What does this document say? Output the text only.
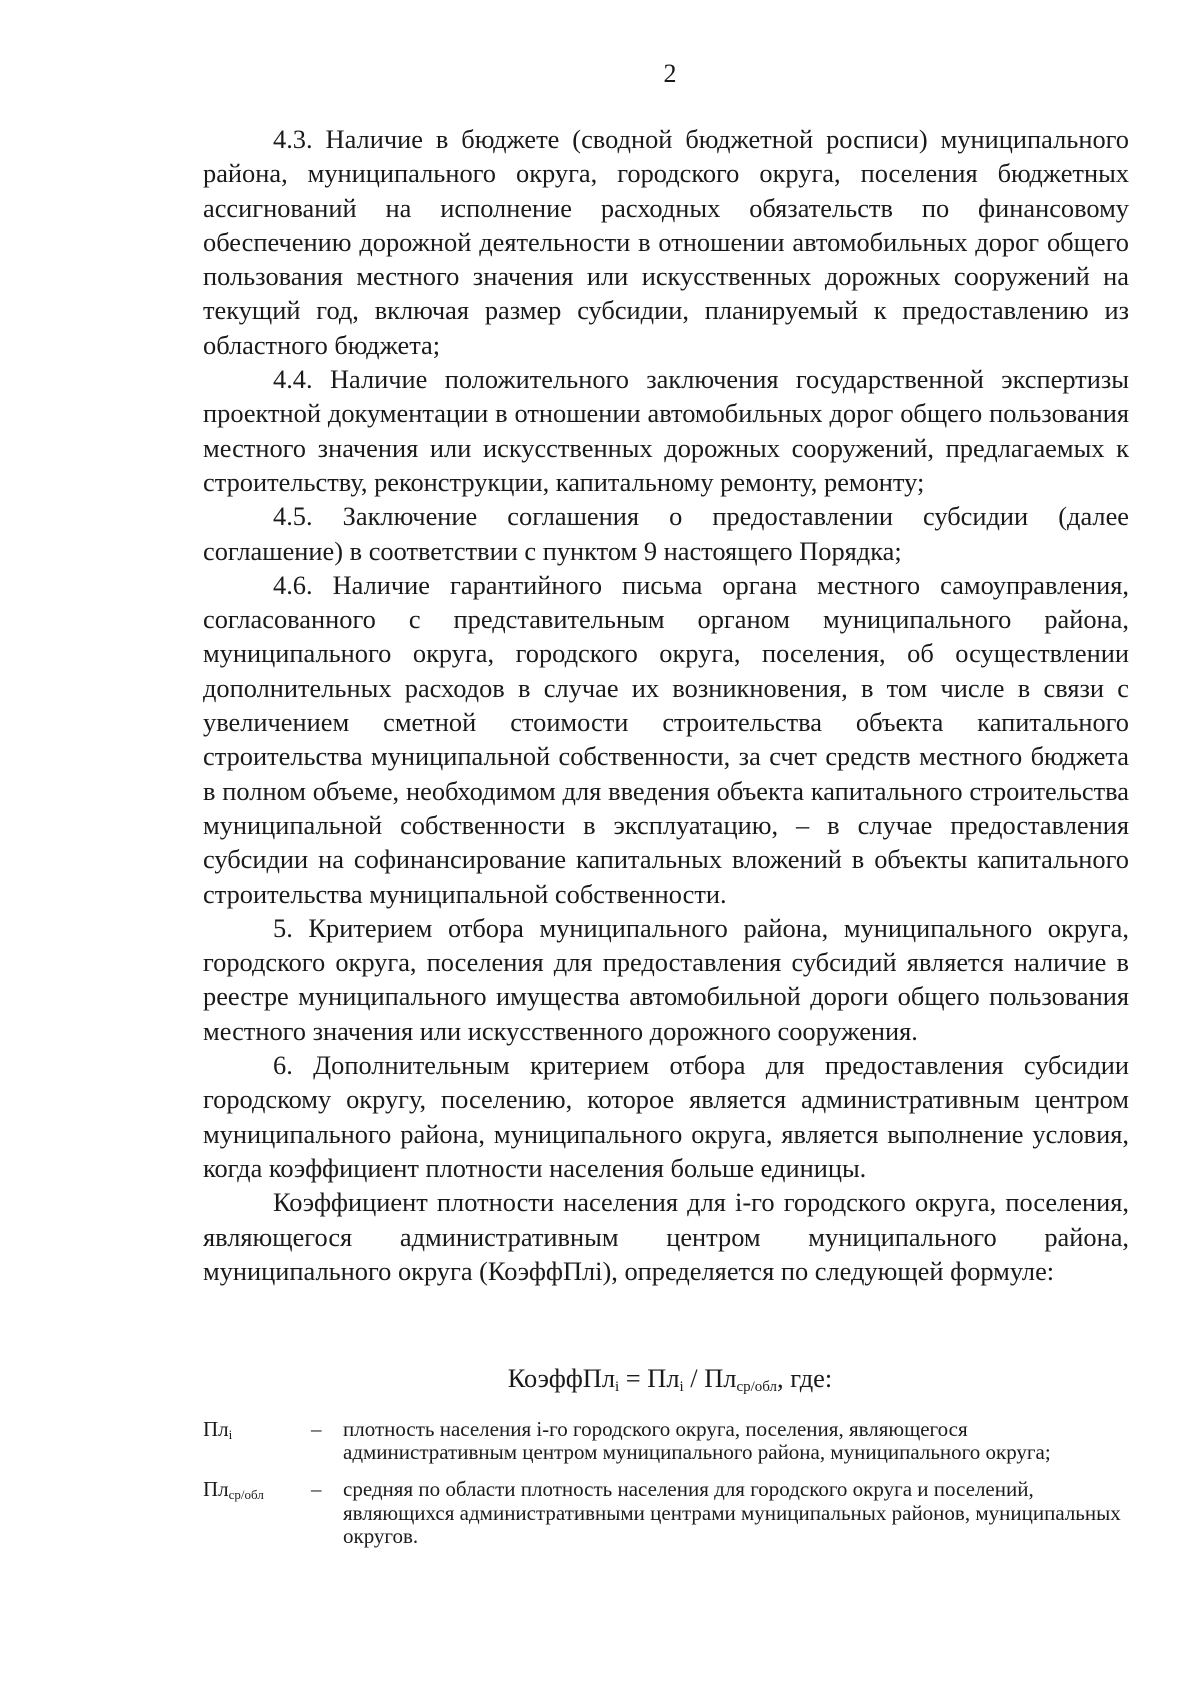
2

4.3. Наличие в бюджете (сводной бюджетной росписи) муниципального района, муниципального округа, городского округа, поселения бюджетных ассигнований на исполнение расходных обязательств по финансовому обеспечению дорожной деятельности в отношении автомобильных дорог общего пользования местного значения или искусственных дорожных сооружений на текущий год, включая размер субсидии, планируемый к предоставлению из областного бюджета;

4.4. Наличие положительного заключения государственной экспертизы проектной документации в отношении автомобильных дорог общего пользования местного значения или искусственных дорожных сооружений, предлагаемых к строительству, реконструкции, капитальному ремонту, ремонту;

4.5. Заключение соглашения о предоставлении субсидии (далее соглашение) в соответствии с пунктом 9 настоящего Порядка;

4.6. Наличие гарантийного письма органа местного самоуправления, согласованного с представительным органом муниципального района, муниципального округа, городского округа, поселения, об осуществлении дополнительных расходов в случае их возникновения, в том числе в связи с увеличением сметной стоимости строительства объекта капитального строительства муниципальной собственности, за счет средств местного бюджета в полном объеме, необходимом для введения объекта капитального строительства муниципальной собственности в эксплуатацию, – в случае предоставления субсидии на софинансирование капитальных вложений в объекты капитального строительства муниципальной собственности.

5. Критерием отбора муниципального района, муниципального округа, городского округа, поселения для предоставления субсидий является наличие в реестре муниципального имущества автомобильной дороги общего пользования местного значения или искусственного дорожного сооружения.

6. Дополнительным критерием отбора для предоставления субсидии городскому округу, поселению, которое является административным центром муниципального района, муниципального округа, является выполнение условия, когда коэффициент плотности населения больше единицы.

Коэффициент плотности населения для i-го городского округа, поселения, являющегося административным центром муниципального района, муниципального округа (КоэффПлi), определяется по следующей формуле:

КоэффПл$_i$ = $Пл_i / Пл_{ср/обл}$, где:
$Пл_i$	–	плотность населения i-го городского округа, поселения, являющегося административным центром муниципального района, муниципального округа;
$Пл_{ср/обл}$	–	средняя по области плотность населения для городского округа и поселений, являющихся административными центрами муниципальных районов, муниципальных округов.
